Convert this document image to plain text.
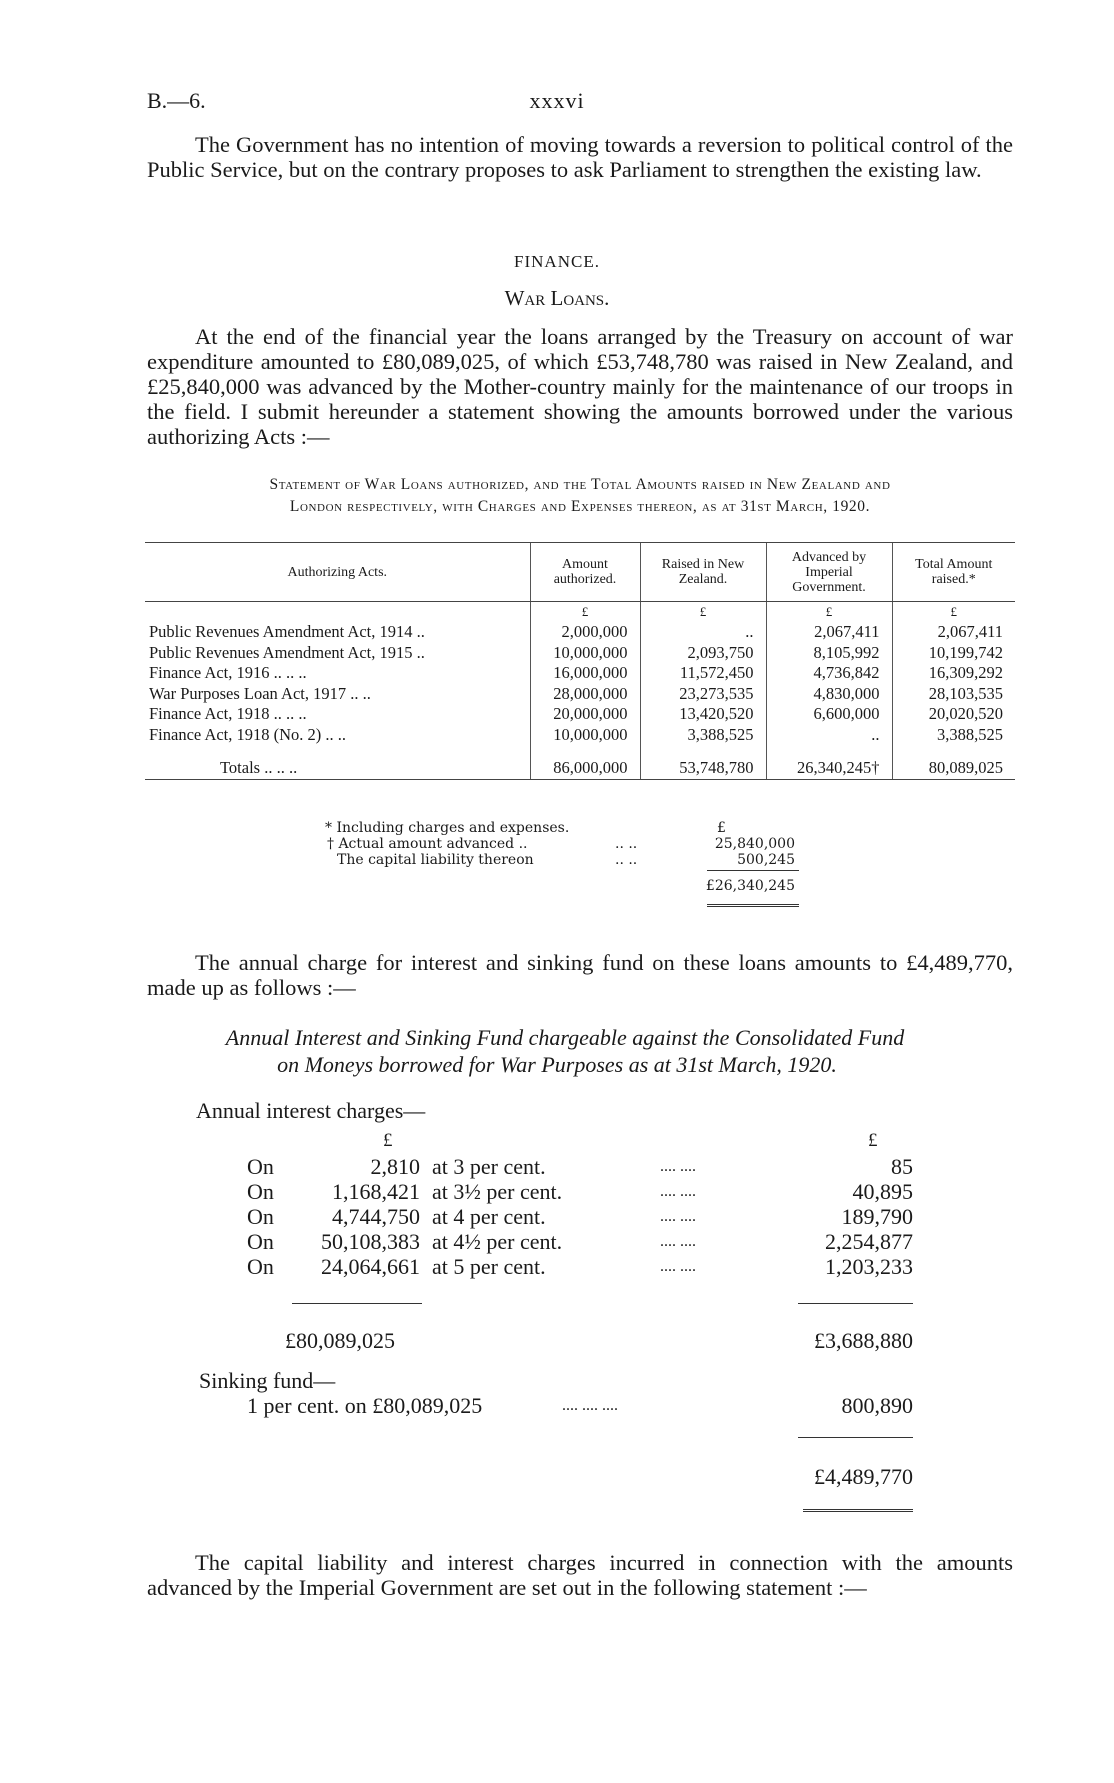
B.—6.	xxxvi
The Government has no intention of moving towards a reversion to political control of the Public Service, but on the contrary proposes to ask Parliament to strengthen the existing law.
FINANCE.
War Loans.
At the end of the financial year the loans arranged by the Treasury on account of war expenditure amounted to £80,089,025, of which £53,748,780 was raised in New Zealand, and £25,840,000 was advanced by the Mother-country mainly for the maintenance of our troops in the field. I submit hereunder a statement showing the amounts borrowed under the various authorizing Acts :—
Statement of War Loans authorized, and the Total Amounts raised in New Zealand and
London respectively, with Charges and Expenses thereon, as at 31st March, 1920.
Authorizing Acts.	Amount authorized.	Raised in New Zealand.	Advanced by Imperial Government.	Total Amount raised.*
	£	£	£	£
Public Revenues Amendment Act, 1914 ..	2,000,000	..	2,067,411	2,067,411
Public Revenues Amendment Act, 1915 ..	10,000,000	2,093,750	8,105,992	10,199,742
Finance Act, 1916 .. .. ..	16,000,000	11,572,450	4,736,842	16,309,292
War Purposes Loan Act, 1917 .. ..	28,000,000	23,273,535	4,830,000	28,103,535
Finance Act, 1918 .. .. ..	20,000,000	13,420,520	6,600,000	20,020,520
Finance Act, 1918 (No. 2) .. ..	10,000,000	3,388,525	..	3,388,525
Totals .. .. ..	86,000,000	53,748,780	26,340,245†	80,089,025
* Including charges and expenses.	£
† Actual amount advanced ..	.. ..	25,840,000
The capital liability thereon	.. ..	500,245
£26,340,245
The annual charge for interest and sinking fund on these loans amounts to £4,489,770, made up as follows :—
Annual Interest and Sinking Fund chargeable against the Consolidated Fund
on Moneys borrowed for War Purposes as at 31st March, 1920.
Annual interest charges—
£	£
On	2,810 at 3 per cent.	.... ....	85
On	1,168,421 at 3½ per cent.	.... ....	40,895
On	4,744,750 at 4 per cent.	.... ....	189,790
On	50,108,383 at 4½ per cent.	.... ....	2,254,877
On	24,064,661 at 5 per cent.	.... ....	1,203,233
£80,089,025	£3,688,880
Sinking fund—
1 per cent. on £80,089,025	.... .... ....	800,890
£4,489,770
The capital liability and interest charges incurred in connection with the amounts advanced by the Imperial Government are set out in the following statement :—
